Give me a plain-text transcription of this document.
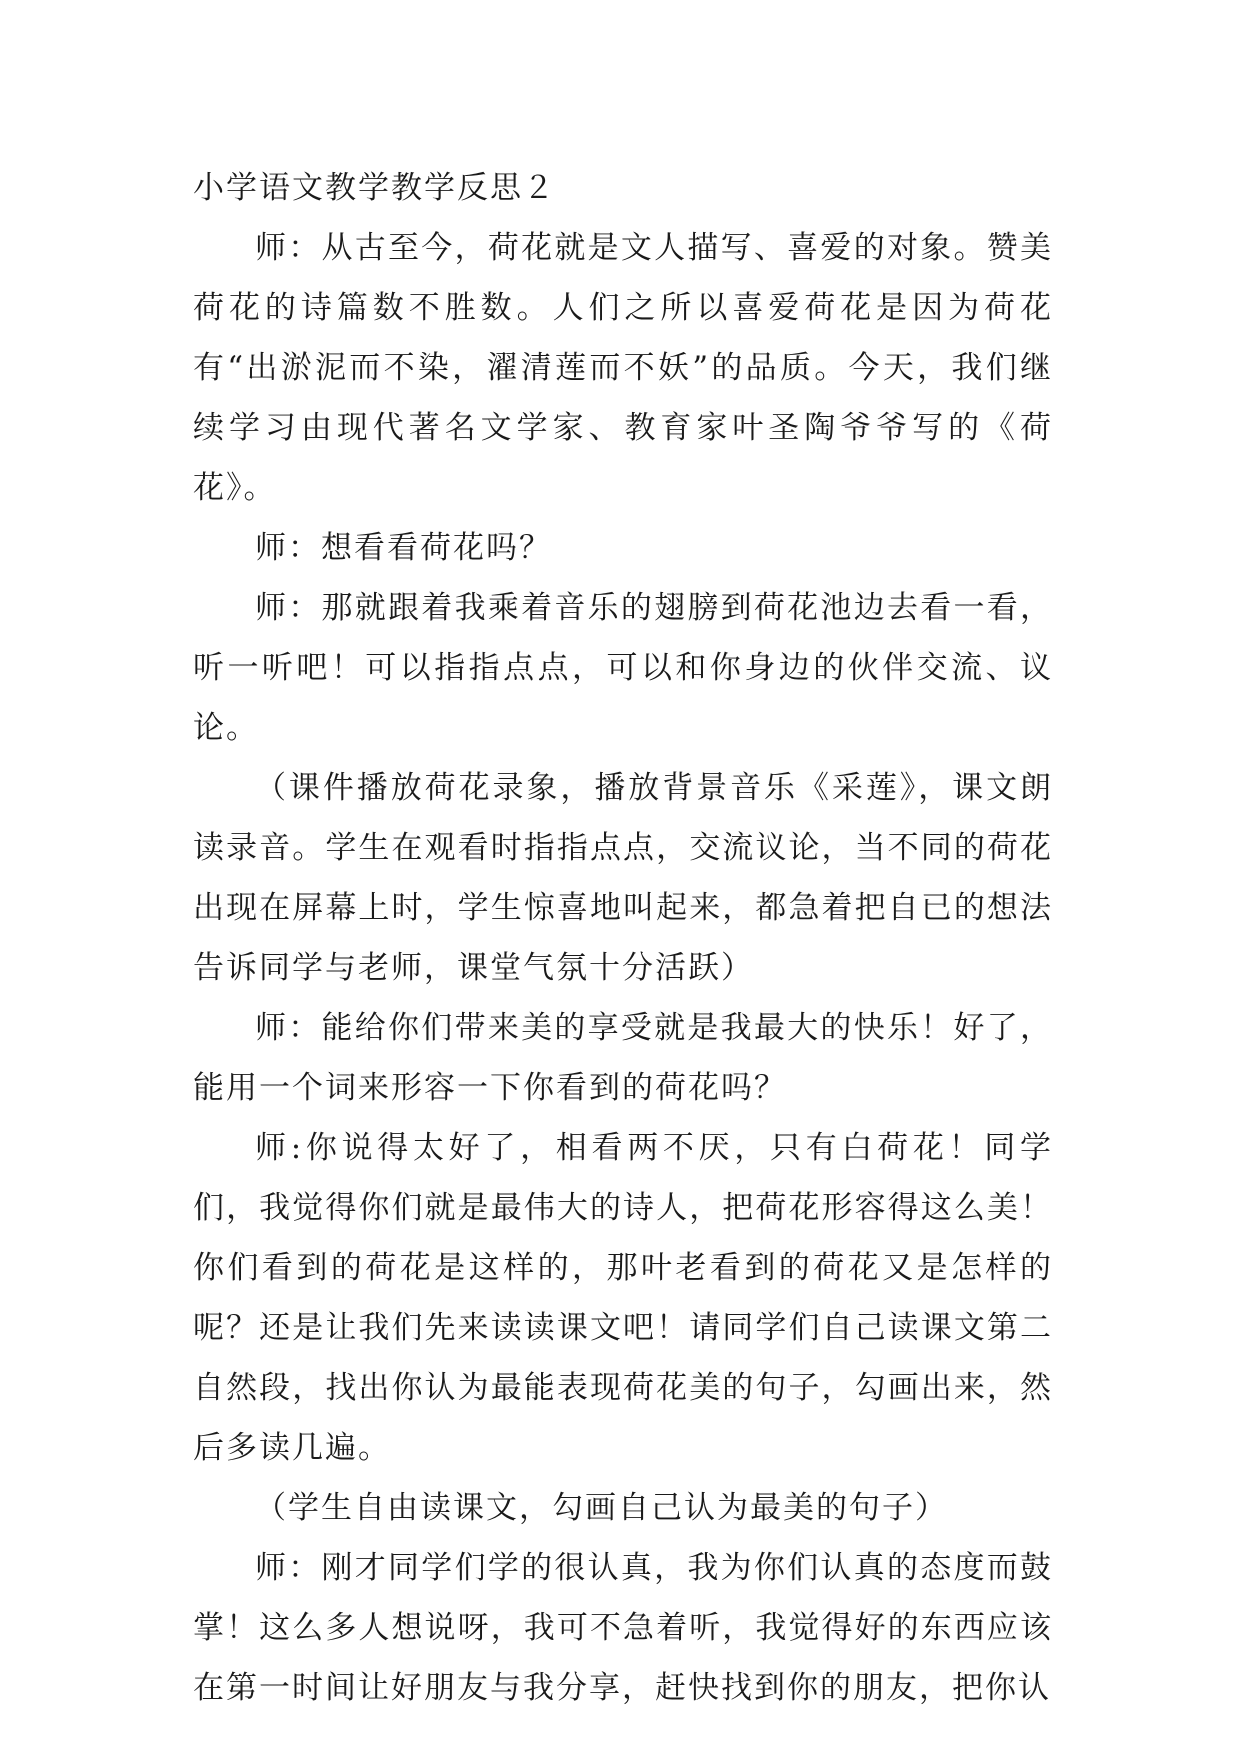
小学语文教学教学反思２

师：从古至今，荷花就是文人描写、喜爱的对象。赞美荷花的诗篇数不胜数。人们之所以喜爱荷花是因为荷花有“出淤泥而不染，濯清莲而不妖”的品质。今天，我们继续学习由现代著名文学家、教育家叶圣陶爷爷写的《荷花》。

师：想看看荷花吗？

师：那就跟着我乘着音乐的翅膀到荷花池边去看一看，听一听吧！可以指指点点，可以和你身边的伙伴交流、议论。

（课件播放荷花录象，播放背景音乐《采莲》，课文朗读录音。学生在观看时指指点点，交流议论，当不同的荷花出现在屏幕上时，学生惊喜地叫起来，都急着把自已的想法告诉同学与老师，课堂气氛十分活跃）

师：能给你们带来美的享受就是我最大的快乐！好了，能用一个词来形容一下你看到的荷花吗？

师:你说得太好了，相看两不厌，只有白荷花！同学们，我觉得你们就是最伟大的诗人，把荷花形容得这么美！你们看到的荷花是这样的，那叶老看到的荷花又是怎样的呢？还是让我们先来读读课文吧！请同学们自己读课文第二自然段，找出你认为最能表现荷花美的句子，勾画出来，然后多读几遍。

（学生自由读课文，勾画自己认为最美的句子）

师：刚才同学们学的很认真，我为你们认真的态度而鼓掌！这么多人想说呀，我可不急着听，我觉得好的东西应该在第一时间让好朋友与我分享，赶快找到你的朋友，把你认
